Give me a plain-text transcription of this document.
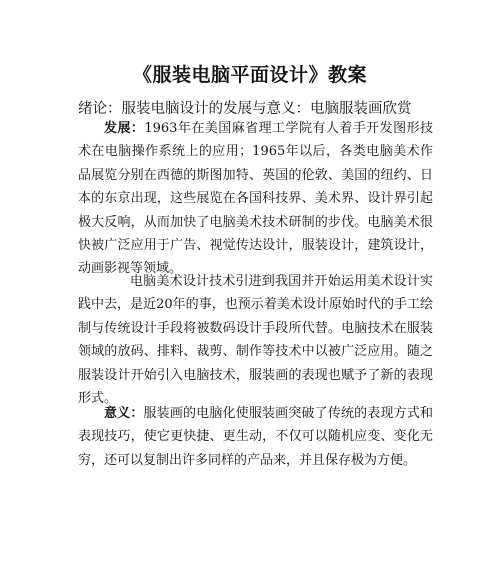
《服装电脑平面设计》教案
绪论：服装电脑设计的发展与意义：电脑服装画欣赏

发展：1963年在美国麻省理工学院有人着手开发图形技术在电脑操作系统上的应用；1965年以后，各类电脑美术作品展览分别在西德的斯图加特、英国的伦敦、美国的纽约、日本的东京出现，这些展览在各国科技界、美术界、设计界引起极大反响，从而加快了电脑美术技术研制的步伐。电脑美术很快被广泛应用于广告、视觉传达设计，服装设计，建筑设计，动画影视等领域。

电脑美术设计技术引进到我国并开始运用美术设计实践中去，是近20年的事，也预示着美术设计原始时代的手工绘制与传统设计手段将被数码设计手段所代替。电脑技术在服装领域的放码、排料、裁剪、制作等技术中以被广泛应用。随之服装设计开始引入电脑技术，服装画的表现也赋予了新的表现形式。

意义：服装画的电脑化使服装画突破了传统的表现方式和表现技巧，使它更快捷、更生动，不仅可以随机应变、变化无穷，还可以复制出许多同样的产品来，并且保存极为方便。
